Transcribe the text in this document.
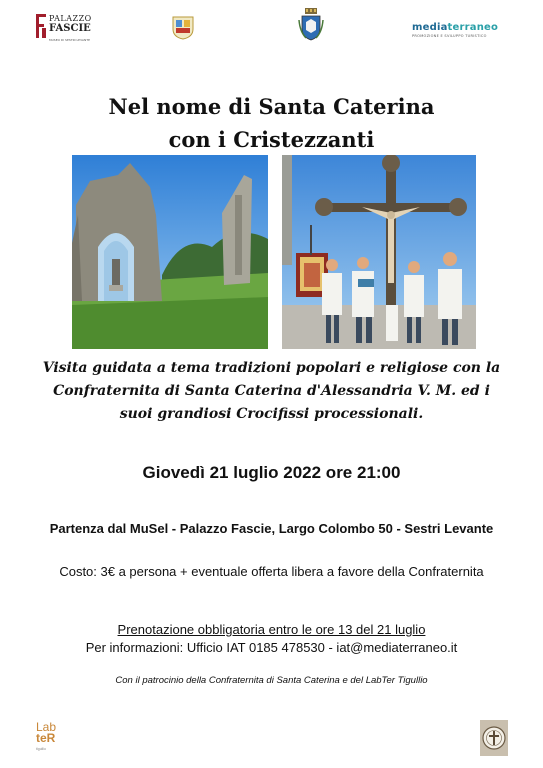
PALAZZO
FASCIE
MUSEO DI SESTRI LEVANTE
mediaterraneo
PROMOZIONE E SVILUPPO TURISTICO
Nel nome di Santa Caterina
con i Cristezzanti
Visita guidata a tema tradizioni popolari e religiose con la
Confraternita di Santa Caterina d'Alessandria V. M. ed i
suoi grandiosi Crocifissi processionali.
Giovedì 21 luglio 2022 ore 21:00
Partenza dal MuSel - Palazzo Fascie, Largo Colombo 50 - Sestri Levante
Costo: 3€ a persona + eventuale offerta libera a favore della Confraternita
Prenotazione obbligatoria entro le ore 13 del 21 luglio
Per informazioni: Ufficio IAT 0185 478530 - iat@mediaterraneo.it
Con il patrocinio della Confraternita di Santa Caterina e del LabTer Tigullio
Lab
teR
tigullio
